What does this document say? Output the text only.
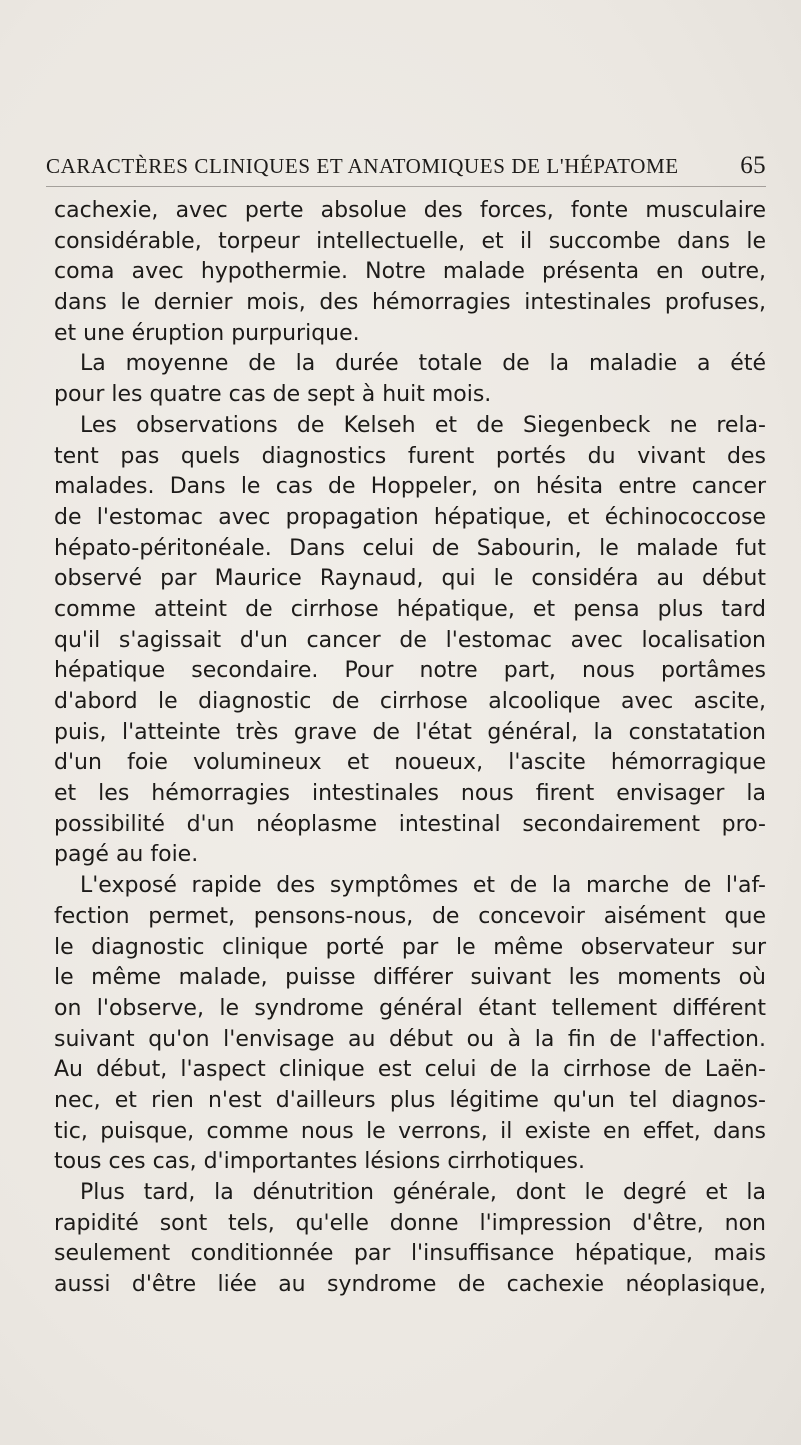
CARACTÈRES CLINIQUES ET ANATOMIQUES DE L'HÉPATOME 65
cachexie, avec perte absolue des forces, fonte musculaire
considérable, torpeur intellectuelle, et il succombe dans le
coma avec hypothermie. Notre malade présenta en outre,
dans le dernier mois, des hémorragies intestinales profuses,
et une éruption purpurique.
La moyenne de la durée totale de la maladie a été
pour les quatre cas de sept à huit mois.
Les observations de Kelseh et de Siegenbeck ne rela-
tent pas quels diagnostics furent portés du vivant des
malades. Dans le cas de Hoppeler, on hésita entre cancer
de l'estomac avec propagation hépatique, et échinococcose
hépato-péritonéale. Dans celui de Sabourin, le malade fut
observé par Maurice Raynaud, qui le considéra au début
comme atteint de cirrhose hépatique, et pensa plus tard
qu'il s'agissait d'un cancer de l'estomac avec localisation
hépatique secondaire. Pour notre part, nous portâmes
d'abord le diagnostic de cirrhose alcoolique avec ascite,
puis, l'atteinte très grave de l'état général, la constatation
d'un foie volumineux et noueux, l'ascite hémorragique
et les hémorragies intestinales nous firent envisager la
possibilité d'un néoplasme intestinal secondairement pro-
pagé au foie.
L'exposé rapide des symptômes et de la marche de l'af-
fection permet, pensons-nous, de concevoir aisément que
le diagnostic clinique porté par le même observateur sur
le même malade, puisse différer suivant les moments où
on l'observe, le syndrome général étant tellement différent
suivant qu'on l'envisage au début ou à la fin de l'affection.
Au début, l'aspect clinique est celui de la cirrhose de Laën-
nec, et rien n'est d'ailleurs plus légitime qu'un tel diagnos-
tic, puisque, comme nous le verrons, il existe en effet, dans
tous ces cas, d'importantes lésions cirrhotiques.
Plus tard, la dénutrition générale, dont le degré et la
rapidité sont tels, qu'elle donne l'impression d'être, non
seulement conditionnée par l'insuffisance hépatique, mais
aussi d'être liée au syndrome de cachexie néoplasique,
